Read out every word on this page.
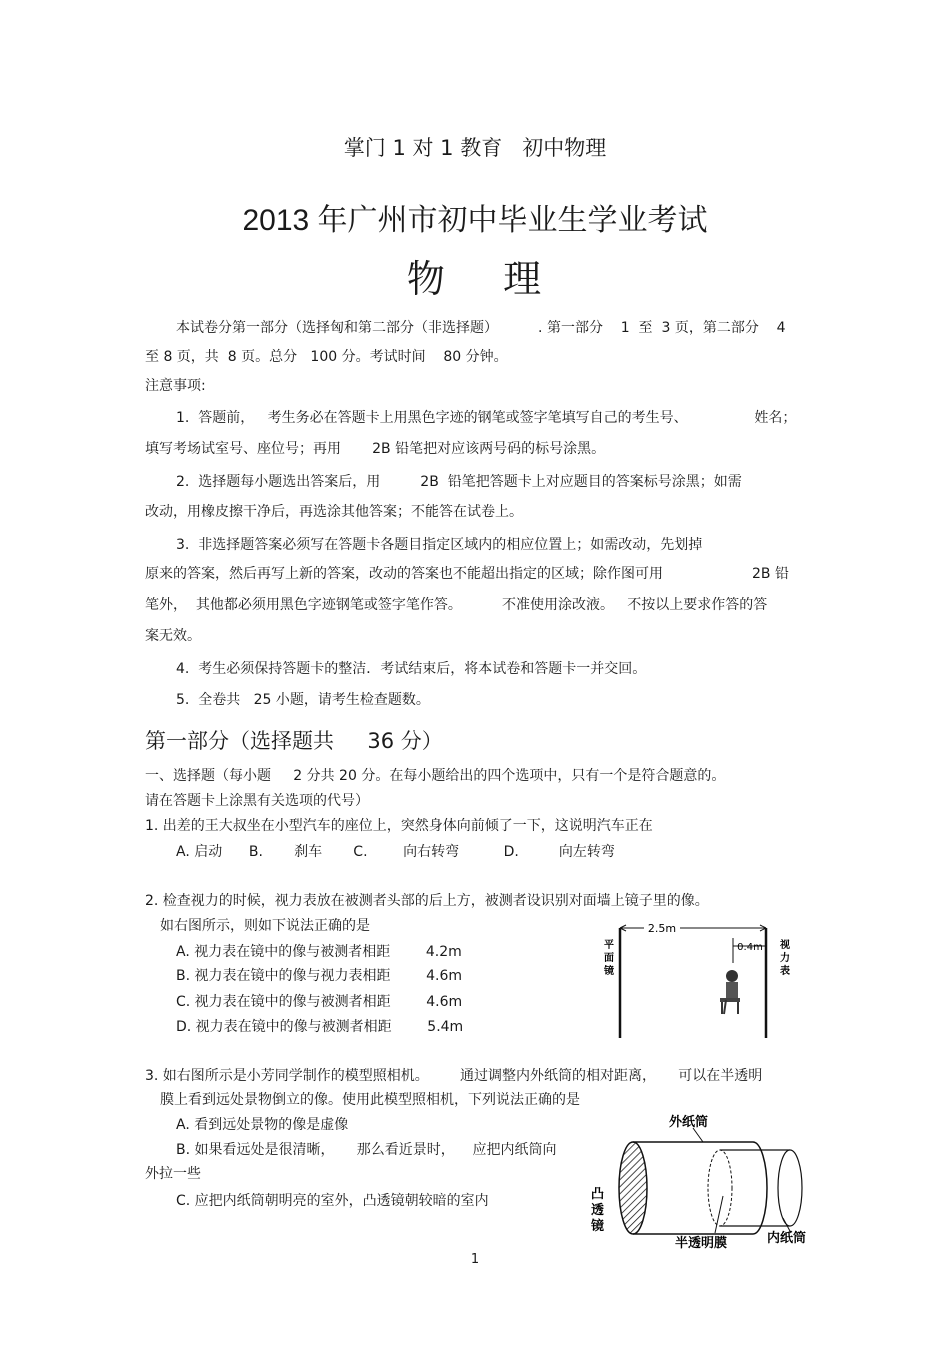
掌门 1 对 1 教育   初中物理
2013 年广州市初中毕业生学业考试
物    理
本试卷分第一部分（选择匈和第二部分（非选择题）         . 第一部分    1  至  3 页，第二部分    4
至 8 页，共  8 页。总分   100 分。考试时间    80 分钟。
注意事项:
1.  答题前，   考生务必在答题卡上用黑色字迹的钢笔或签字笔填写自己的考生号、               姓名；
填写考场试室号、座位号；再用       2B 铅笔把对应该两号码的标号涂黑。
2.  选择题每小题选出答案后，用         2B  铅笔把答题卡上对应题目的答案标号涂黑；如需
改动，用橡皮擦干净后，再选涂其他答案；不能答在试卷上。
3.  非选择题答案必须写在答题卡各题目指定区域内的相应位置上；如需改动，先划掉
原来的答案，然后再写上新的答案，改动的答案也不能超出指定的区域；除作图可用                    2B 铅
笔外，  其他都必须用黑色字迹钢笔或签字笔作答。         不准使用涂改液。   不按以上要求作答的答
案无效。
4.  考生必须保持答题卡的整洁．考试结束后，将本试卷和答题卡一并交回。
5.  全卷共   25 小题，请考生检查题数。
第一部分（选择题共     36 分）
一、选择题（每小题     2 分共 20 分。在每小题给出的四个选项中，只有一个是符合题意的。
请在答题卡上涂黑有关选项的代号）
1. 出差的王大叔坐在小型汽车的座位上，突然身体向前倾了一下，这说明汽车正在
A. 启动      B.       刹车       C.        向右转弯          D.         向左转弯
2. 检查视力的时候，视力表放在被测者头部的后上方，被测者设识别对面墙上镜子里的像。
如右图所示，则如下说法正确的是
A. 视力表在镜中的像与被测者相距        4.2m
B. 视力表在镜中的像与视力表相距        4.6m
C. 视力表在镜中的像与被测者相距        4.6m
D. 视力表在镜中的像与被测者相距        5.4m
2.5m
0.4m
平
面
镜
视
力
表
3. 如右图所示是小芳同学制作的模型照相机。       通过调整内外纸筒的相对距离，     可以在半透明
膜上看到远处景物倒立的像。使用此模型照相机，下列说法正确的是
A. 看到远处景物的像是虚像
B. 如果看远处是很清晰，     那么看近景时，    应把内纸筒向
外拉一些
C. 应把内纸筒朝明亮的室外，凸透镜朝较暗的室内
外纸筒
凸
透
镜
半透明膜	内纸筒
1
